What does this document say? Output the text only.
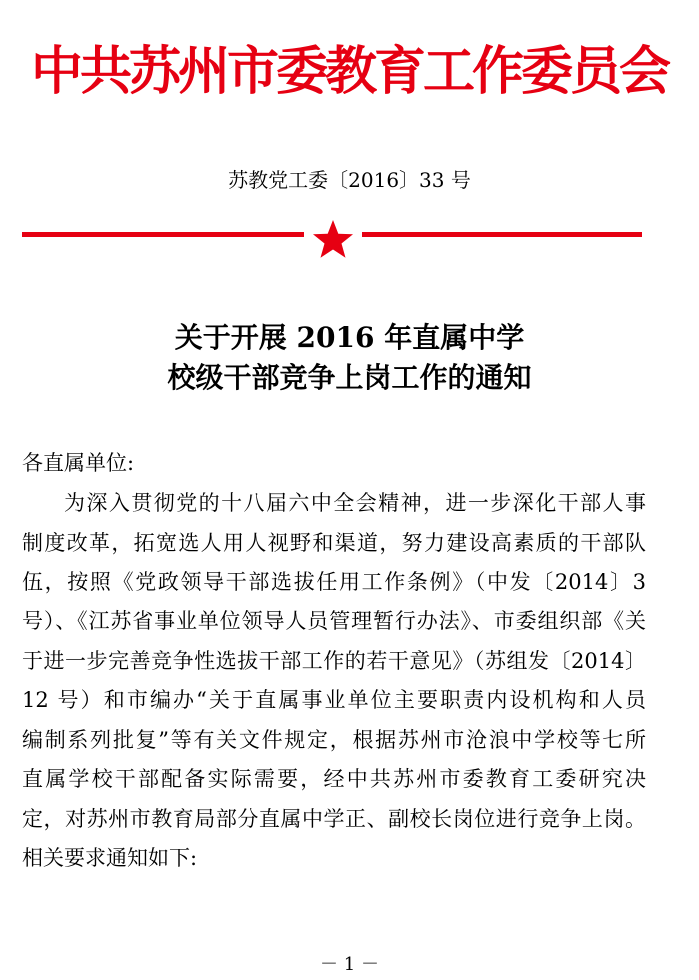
中共苏州市委教育工作委员会
苏教党工委〔2016〕33 号
关于开展 2016 年直属中学
校级干部竞争上岗工作的通知
各直属单位:
为深入贯彻党的十八届六中全会精神，进一步深化干部人事
制度改革，拓宽选人用人视野和渠道，努力建设高素质的干部队
伍，按照《党政领导干部选拔任用工作条例》（中发〔2014〕3
号）、《江苏省事业单位领导人员管理暂行办法》、市委组织部《关
于进一步完善竞争性选拔干部工作的若干意见》（苏组发〔2014〕
12 号）和市编办“关于直属事业单位主要职责内设机构和人员
编制系列批复”等有关文件规定，根据苏州市沧浪中学校等七所
直属学校干部配备实际需要，经中共苏州市委教育工委研究决
定，对苏州市教育局部分直属中学正、副校长岗位进行竞争上岗。
相关要求通知如下:
－ 1 －
